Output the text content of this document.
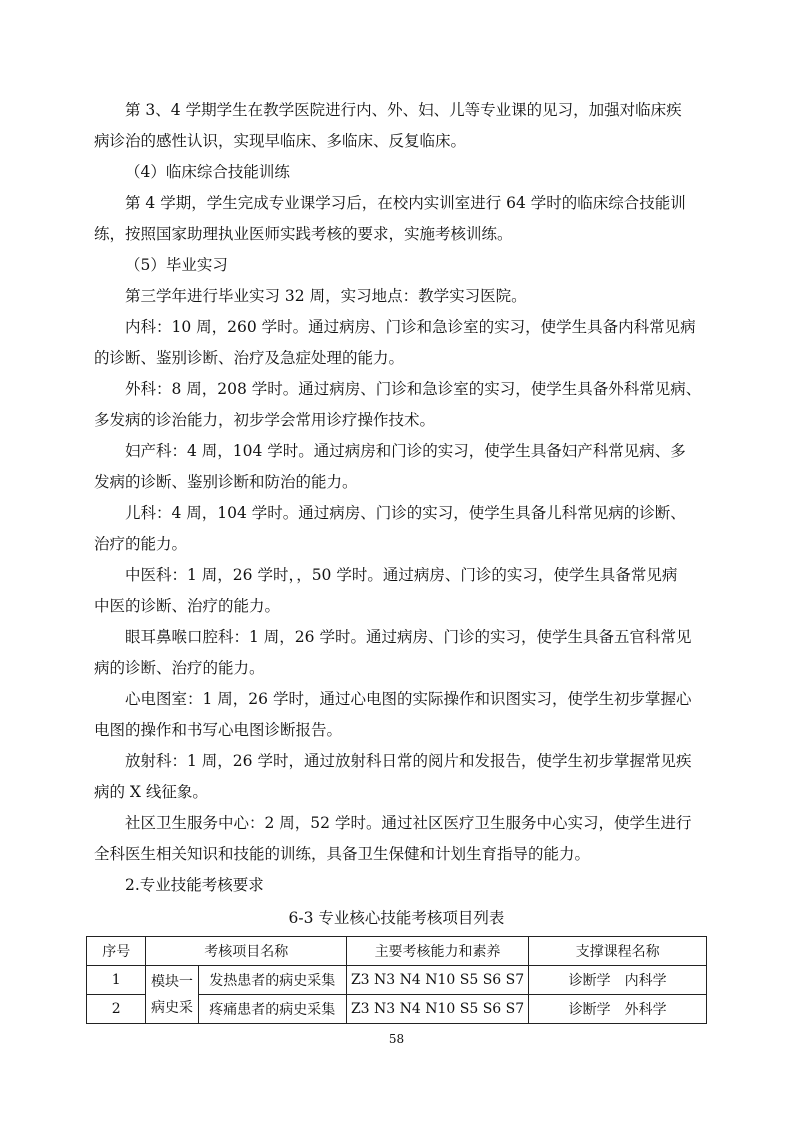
第 3、4 学期学生在教学医院进行内、外、妇、儿等专业课的见习，加强对临床疾
病诊治的感性认识，实现早临床、多临床、反复临床。

（4）临床综合技能训练

第 4 学期，学生完成专业课学习后，在校内实训室进行 64 学时的临床综合技能训
练，按照国家助理执业医师实践考核的要求，实施考核训练。

（5）毕业实习

第三学年进行毕业实习 32 周，实习地点：教学实习医院。

内科：10 周，260 学时。通过病房、门诊和急诊室的实习，使学生具备内科常见病
的诊断、鉴别诊断、治疗及急症处理的能力。

外科：8 周，208 学时。通过病房、门诊和急诊室的实习，使学生具备外科常见病、
多发病的诊治能力，初步学会常用诊疗操作技术。

妇产科：4 周，104 学时。通过病房和门诊的实习，使学生具备妇产科常见病、多
发病的诊断、鉴别诊断和防治的能力。

儿科：4 周，104 学时。通过病房、门诊的实习，使学生具备儿科常见病的诊断、
治疗的能力。

中医科：1 周，26 学时，，50 学时。通过病房、门诊的实习，使学生具备常见病
中医的诊断、治疗的能力。

眼耳鼻喉口腔科：1 周，26 学时。通过病房、门诊的实习，使学生具备五官科常见
病的诊断、治疗的能力。

心电图室：1 周，26 学时，通过心电图的实际操作和识图实习，使学生初步掌握心
电图的操作和书写心电图诊断报告。

放射科：1 周，26 学时，通过放射科日常的阅片和发报告，使学生初步掌握常见疾
病的 X 线征象。

社区卫生服务中心：2 周，52 学时。通过社区医疗卫生服务中心实习，使学生进行
全科医生相关知识和技能的训练，具备卫生保健和计划生育指导的能力。

2.专业技能考核要求
6-3 专业核心技能考核项目列表
序号	考核项目名称		主要考核能力和素养	支撑课程名称
1	模块一病史采	发热患者的病史采集	Z3 N3 N4 N10 S5 S6 S7	诊断学　内科学
2		疼痛患者的病史采集	Z3 N3 N4 N10 S5 S6 S7	诊断学　外科学
58
